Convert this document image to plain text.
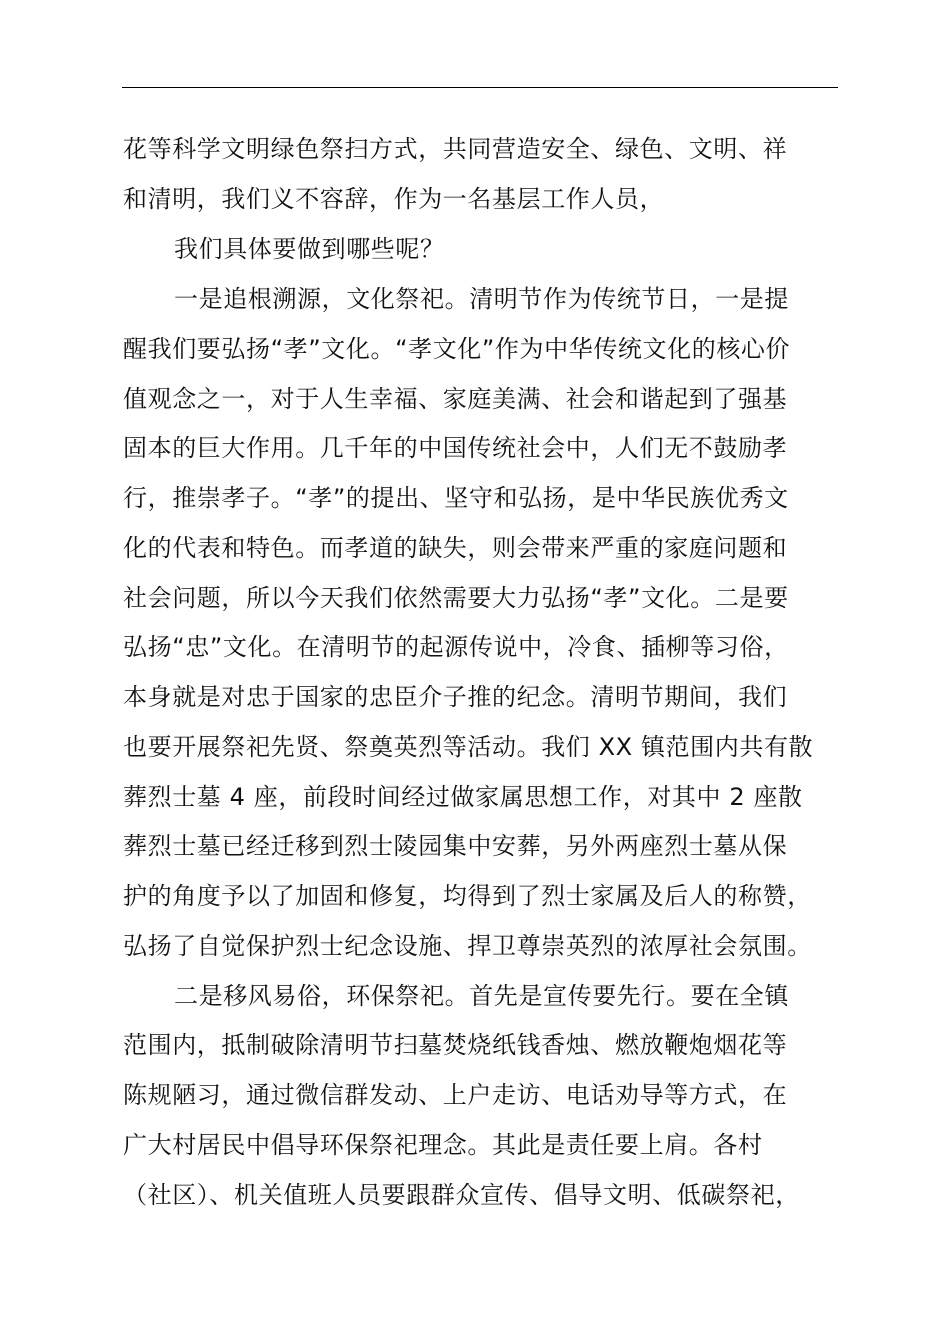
花等科学文明绿色祭扫方式，共同营造安全、绿色、文明、祥
和清明，我们义不容辞，作为一名基层工作人员，
我们具体要做到哪些呢？
一是追根溯源，文化祭祀。清明节作为传统节日，一是提
醒我们要弘扬“孝”文化。“孝文化”作为中华传统文化的核心价
值观念之一，对于人生幸福、家庭美满、社会和谐起到了强基
固本的巨大作用。几千年的中国传统社会中，人们无不鼓励孝
行，推崇孝子。“孝”的提出、坚守和弘扬，是中华民族优秀文
化的代表和特色。而孝道的缺失，则会带来严重的家庭问题和
社会问题，所以今天我们依然需要大力弘扬“孝”文化。二是要
弘扬“忠”文化。在清明节的起源传说中，冷食、插柳等习俗，
本身就是对忠于国家的忠臣介子推的纪念。清明节期间，我们
也要开展祭祀先贤、祭奠英烈等活动。我们 XX 镇范围内共有散
葬烈士墓 4 座，前段时间经过做家属思想工作，对其中 2 座散
葬烈士墓已经迁移到烈士陵园集中安葬，另外两座烈士墓从保
护的角度予以了加固和修复，均得到了烈士家属及后人的称赞，
弘扬了自觉保护烈士纪念设施、捍卫尊崇英烈的浓厚社会氛围。
二是移风易俗，环保祭祀。首先是宣传要先行。要在全镇
范围内，抵制破除清明节扫墓焚烧纸钱香烛、燃放鞭炮烟花等
陈规陋习，通过微信群发动、上户走访、电话劝导等方式，在
广大村居民中倡导环保祭祀理念。其此是责任要上肩。各村
（社区）、机关值班人员要跟群众宣传、倡导文明、低碳祭祀，
